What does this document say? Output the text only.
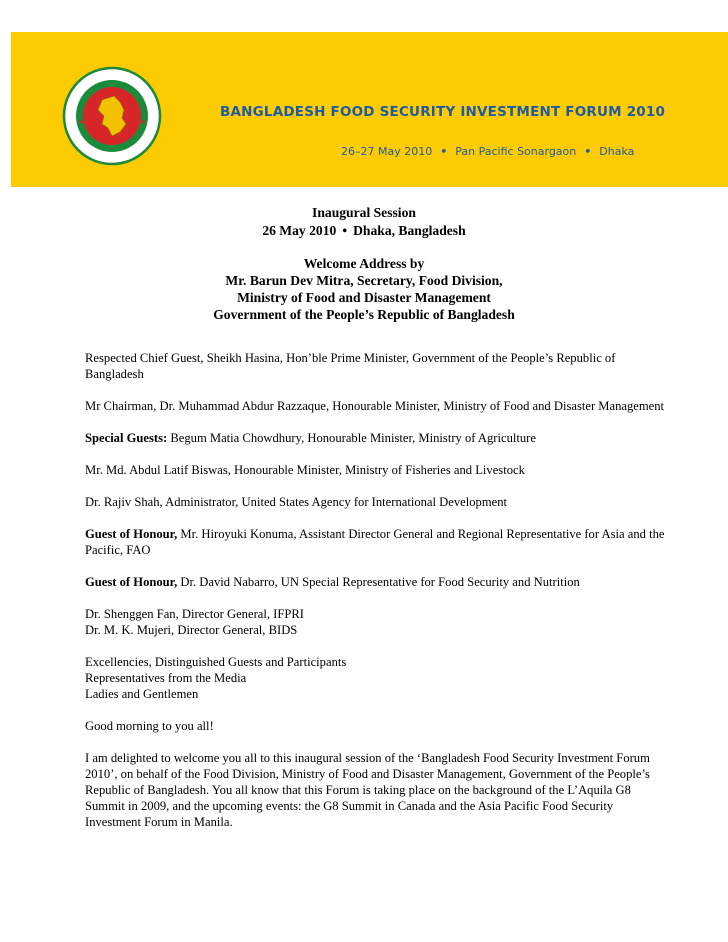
★	★
BANGLADESH FOOD SECURITY INVESTMENT FORUM 2010
26–27 May 2010 • Pan Pacific Sonargaon • Dhaka
Inaugural Session
26 May 2010 • Dhaka, Bangladesh
Welcome Address by
Mr. Barun Dev Mitra, Secretary, Food Division,
Ministry of Food and Disaster Management
Government of the People’s Republic of Bangladesh

Respected Chief Guest, Sheikh Hasina, Hon’ble Prime Minister, Government of the People’s Republic of Bangladesh

Mr Chairman, Dr. Muhammad Abdur Razzaque, Honourable Minister, Ministry of Food and Disaster Management

Special Guests: Begum Matia Chowdhury, Honourable Minister, Ministry of Agriculture

Mr. Md. Abdul Latif Biswas, Honourable Minister, Ministry of Fisheries and Livestock

Dr. Rajiv Shah, Administrator, United States Agency for International Development

Guest of Honour, Mr. Hiroyuki Konuma, Assistant Director General and Regional Representative for Asia and the Pacific, FAO

Guest of Honour, Dr. David Nabarro, UN Special Representative for Food Security and Nutrition

Dr. Shenggen Fan, Director General, IFPRI
Dr. M. K. Mujeri, Director General, BIDS

Excellencies, Distinguished Guests and Participants
Representatives from the Media
Ladies and Gentlemen

Good morning to you all!

I am delighted to welcome you all to this inaugural session of the ‘Bangladesh Food Security Investment Forum 2010’, on behalf of the Food Division, Ministry of Food and Disaster Management, Government of the People’s Republic of Bangladesh. You all know that this Forum is taking place on the background of the L’Aquila G8 Summit in 2009, and the upcoming events: the G8 Summit in Canada and the Asia Pacific Food Security Investment Forum in Manila.
